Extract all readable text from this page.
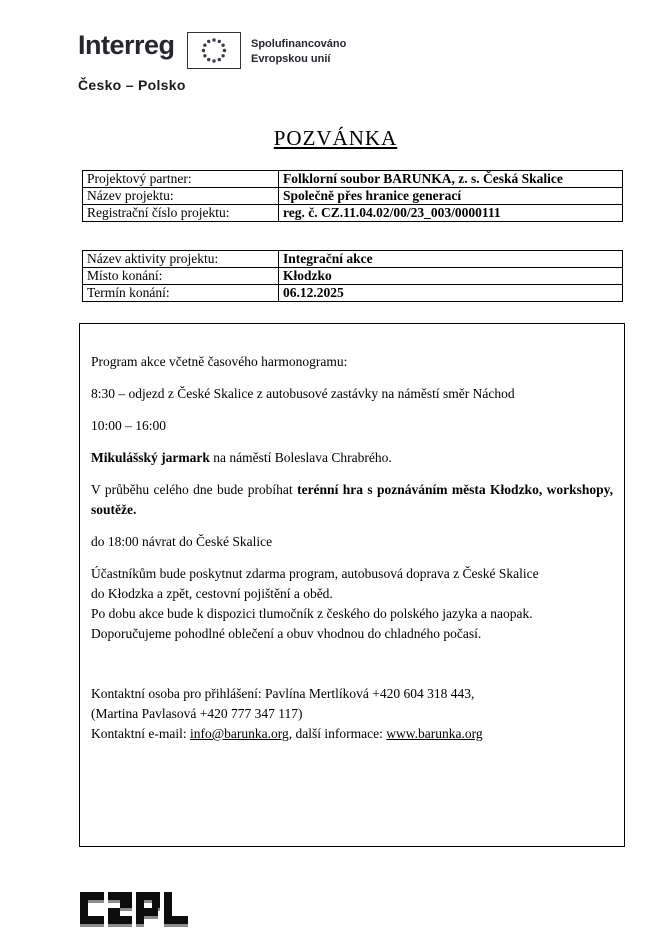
Interreg	Spolufinancováno
Evropskou unií
Česko – Polsko
POZVÁNKA
Projektový partner:	Folklorní soubor BARUNKA, z. s. Česká Skalice
Název projektu:	Společně přes hranice generací
Registrační číslo projektu:	reg. č. CZ.11.04.02/00/23_003/0000111
Název aktivity projektu:	Integrační akce
Místo konání:	Kłodzko
Termín konání:	06.12.2025

Program akce včetně časového harmonogramu:

8:30 – odjezd z České Skalice z autobusové zastávky na náměstí směr Náchod

10:00 – 16:00

Mikulášský jarmark na náměstí Boleslava Chrabrého.

V průběhu celého dne bude probíhat terénní hra s poznáváním města Kłodzko, workshopy, soutěže.

do 18:00 návrat do České Skalice

Účastníkům bude poskytnut zdarma program, autobusová doprava z České Skalice
do Kłodzka a zpět, cestovní pojištění a oběd.
Po dobu akce bude k dispozici tlumočník z českého do polského jazyka a naopak.
Doporučujeme pohodlné oblečení a obuv vhodnou do chladného počasí.

Kontaktní osoba pro přihlášení: Pavlína Mertlíková +420 604 318 443,
(Martina Pavlasová +420 777 347 117)
Kontaktní e-mail: info@barunka.org, další informace: www.barunka.org
